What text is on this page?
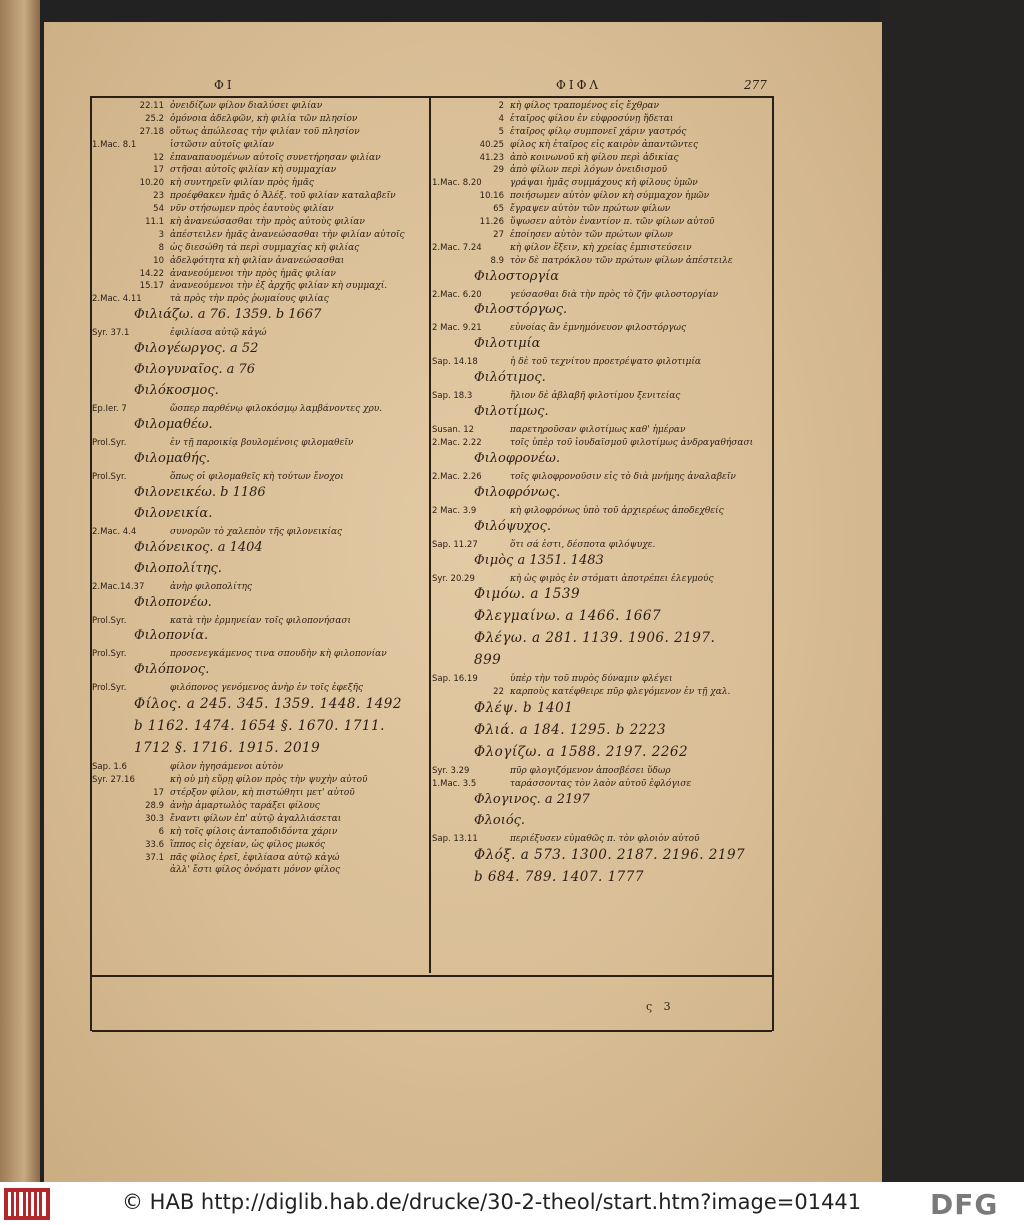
ΦΙ	ΦΙΦΛ	277
22.11 ὀνειδίζων φίλον διαλύσει φιλίαν
25.2 ὁμόνοια ἀδελφῶν, κὴ φιλία τῶν πλησίον
27.18 οὕτως ἀπώλεσας τὴν φιλίαν τοῦ πλησίον
1.Mac. 8.1	ἱστῶσιν αὐτοῖς φιλίαν
12 ἐπαναπαυομένων αὐτοῖς συνετήρησαν φιλίαν
17 στῆσαι αὐτοῖς φιλίαν κὴ συμμαχίαν
10.20 κὴ συντηρεῖν φιλίαν πρὸς ἡμᾶς
23 προέφθακεν ἡμᾶς ὁ Ἀλέξ. τοῦ φιλίαν καταλαβεῖν
54 νῦν στήσωμεν πρὸς ἑαυτοὺς φιλίαν
11.1 κὴ ἀνανεώσασθαι τὴν πρὸς αὐτοὺς φιλίαν
3 ἀπέστειλεν ἡμᾶς ἀνανεώσασθαι τὴν φιλίαν αὐτοῖς
8 ὡς διεσώθη τὰ περὶ συμμαχίας κὴ φιλίας
10 ἀδελφότητα κὴ φιλίαν ἀνανεώσασθαι
14.22 ἀνανεούμενοι τὴν πρὸς ἡμᾶς φιλίαν
15.17 ἀνανεούμενοι τὴν ἐξ ἀρχῆς φιλίαν κὴ συμμαχί.
2.Mac. 4.11	τὰ πρὸς τὴν πρὸς ῥωμαίους φιλίας
Φιλιάζω. a 76. 1359. b 1667
Syr. 37.1	ἐφιλίασα αὐτῷ κἀγώ
Φιλογέωργος. a 52
Φιλογυναῖος. a 76
Φιλόκοσμος.
Ep.Ier. 7	ὥσπερ παρθένῳ φιλοκόσμῳ λαμβάνοντες χρυ.
Φιλομαθέω.
Prol.Syr.	ἐν τῇ παροικίᾳ βουλομένοις φιλομαθεῖν
Φιλομαθής.
Prol.Syr.	ὅπως οἱ φιλομαθεῖς κὴ τούτων ἔνοχοι
Φιλονεικέω. b 1186
Φιλονεικία.
2.Mac. 4.4	συνορῶν τὸ χαλεπὸν τῆς φιλονεικίας
Φιλόνεικος. a 1404
Φιλοπολίτης.
2.Mac.14.37	ἀνὴρ φιλοπολίτης
Φιλοπονέω.
Prol.Syr.	κατὰ τὴν ἑρμηνείαν τοῖς φιλοπονήσασι
Φιλοπονία.
Prol.Syr.	προσενεγκάμενος τινα σπουδὴν κὴ φιλοπονίαν
Φιλόπονος.
Prol.Syr.	φιλόπονος γενόμενος ἀνὴρ ἐν τοῖς ἐφεξῆς
Φίλος. a 245. 345. 1359. 1448. 1492
b 1162. 1474. 1654 §. 1670. 1711.
1712 §. 1716. 1915. 2019
Sap. 1.6	φίλον ἡγησάμενοι αὐτὸν
Syr. 27.16	κὴ οὐ μὴ εὕρῃ φίλον πρὸς τὴν ψυχὴν αὐτοῦ
17 στέρξον φίλον, κὴ πιστώθητι μετ' αὐτοῦ
28.9 ἀνὴρ ἁμαρτωλὸς ταράξει φίλους
30.3 ἔναντι φίλων ἐπ' αὐτῷ ἀγαλλιάσεται
6 κὴ τοῖς φίλοις ἀνταποδιδόντα χάριν
33.6 ἵππος εἰς ὀχείαν, ὡς φίλος μωκός
37.1 πᾶς φίλος ἐρεῖ, ἐφιλίασα αὐτῷ κἀγώ
ἀλλ' ἔστι φίλος ὀνόματι μόνον φίλος
2 κὴ φίλος τραπομένος εἰς ἔχθραν
4 ἑταῖρος φίλου ἐν εὐφροσύνῃ ἥδεται
5 ἑταῖρος φίλῳ συμπονεῖ χάριν γαστρός
40.25 φίλος κὴ ἑταῖρος εἰς καιρὸν ἀπαντῶντες
41.23 ἀπὸ κοινωνοῦ κὴ φίλου περὶ ἀδικίας
29 ἀπὸ φίλων περὶ λόγων ὀνειδισμοῦ
1.Mac. 8.20	γράψαι ἡμᾶς συμμάχους κὴ φίλους ὑμῶν
10.16 ποιήσωμεν αὐτὸν φίλον κὴ σύμμαχον ἡμῶν
65 ἔγραψεν αὐτὸν τῶν πρώτων φίλων
11.26 ὕψωσεν αὐτὸν ἐναντίον π. τῶν φίλων αὐτοῦ
27 ἐποίησεν αὐτὸν τῶν πρώτων φίλων
2.Mac. 7.24	κὴ φίλον ἕξειν, κὴ χρείας ἐμπιστεύσειν
8.9 τὸν δὲ πατρόκλου τῶν πρώτων φίλων ἀπέστειλε
Φιλοστοργία
2.Mac. 6.20	γεύσασθαι διὰ τὴν πρὸς τὸ ζῆν φιλοστοργίαν
Φιλοστόργως.
2 Mac. 9.21	εὐνοίας ἂν ἐμνημόνευον φιλοστόργως
Φιλοτιμία
Sap. 14.18	ἡ δὲ τοῦ τεχνίτου προετρέψατο φιλοτιμία
Φιλότιμος.
Sap. 18.3	ἥλιον δὲ ἀβλαβῆ φιλοτίμου ξενιτείας
Φιλοτίμως.
Susan. 12	παρετηροῦσαν φιλοτίμως καθ' ἡμέραν
2.Mac. 2.22	τοῖς ὑπὲρ τοῦ ἰουδαϊσμοῦ φιλοτίμως ἀνδραγαθήσασι
Φιλοφρονέω.
2.Mac. 2.26	τοῖς φιλοφρονοῦσιν εἰς τὸ διὰ μνήμης ἀναλαβεῖν
Φιλοφρόνως.
2 Mac. 3.9	κὴ φιλοφρόνως ὑπὸ τοῦ ἀρχιερέως ἀποδεχθείς
Φιλόψυχος.
Sap. 11.27	ὅτι σά ἐστι, δέσποτα φιλόψυχε.
Φιμὸς a 1351. 1483
Syr. 20.29	κὴ ὡς φιμὸς ἐν στόματι ἀποτρέπει ἐλεγμούς
Φιμόω. a 1539
Φλεγμαίνω. a 1466. 1667
Φλέγω. a 281. 1139. 1906. 2197.
899
Sap. 16.19	ὑπὲρ τὴν τοῦ πυρὸς δύναμιν φλέγει
22 καρποὺς κατέφθειρε πῦρ φλεγόμενον ἐν τῇ χαλ.
Φλέψ. b 1401
Φλιά. a 184. 1295. b 2223
Φλογίζω. a 1588. 2197. 2262
Syr. 3.29	πῦρ φλογιζόμενον ἀποσβέσει ὕδωρ
1.Mac. 3.5	ταράσσοντας τὸν λαὸν αὐτοῦ ἐφλόγισε
Φλογινος. a 2197
Φλοιός.
Sap. 13.11	περιέξυσεν εὐμαθῶς π. τὸν φλοιὸν αὐτοῦ
Φλόξ. a 573. 1300. 2187. 2196. 2197
b 684. 789. 1407. 1777
ς 3
© HAB http://diglib.hab.de/drucke/30-2-theol/start.htm?image=01441 DFG
